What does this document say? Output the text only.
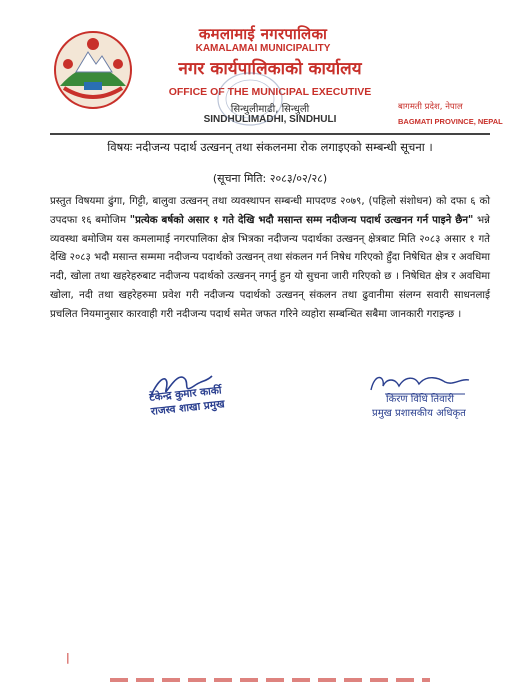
कमलामाई नगरपालिका
KAMALAMAI MUNICIPALITY
नगर कार्यपालिकाको कार्यालय
OFFICE OF THE MUNICIPAL EXECUTIVE
सिन्धुलीमाढी, सिन्धुली
SINDHULIMADHI, SINDHULI
बागमती प्रदेश, नेपाल
BAGMATI PROVINCE, NEPAL
विषयः नदीजन्य पदार्थ उत्खनन् तथा संकलनमा रोक लगाइएको सम्बन्धी सूचना ।
(सूचना मिति: २०८३/०२/२८)
प्रस्तुत विषयमा ढुंगा, गिट्टी, बालुवा उत्खनन् तथा व्यवस्थापन सम्बन्धी मापदण्ड २०७९, (पहिलो संशोधन) को दफा ६ को उपदफा १६ बमोजिम "प्रत्येक बर्षको असार १ गते देखि भदौ मसान्त सम्म नदीजन्य पदार्थ उत्खनन गर्न पाइने छैन" भन्ने व्यवस्था बमोजिम यस कमलामाई नगरपालिका क्षेत्र भित्रका नदीजन्य पदार्थका उत्खनन् क्षेत्रबाट मिति २०८३ असार १ गते देखि २०८३ भदौ मसान्त सम्ममा नदीजन्य पदार्थको उत्खनन् तथा संकलन गर्न निषेध गरिएको हुँदा निषेधित क्षेत्र र अवधिमा नदी, खोला तथा खहरेहरुबाट नदीजन्य पदार्थको उत्खनन् नगर्नु हुन यो सुचना जारी गरिएको छ । निषेधित क्षेत्र र अवधिमा खोला, नदी तथा खहरेहरुमा प्रवेश गरी नदीजन्य पदार्थको उत्खनन् संकलन तथा ढुवानीमा संलग्न सवारी साधनलाई प्रचलित नियमानुसार कारवाही गरी नदीजन्य पदार्थ समेत जफत गरिने व्यहोरा सम्बन्धित सबैमा जानकारी गराइन्छ ।
टेकेन्द्र कुमार कार्की
राजस्व शाखा प्रमुख	किरण विधि तिवारी
प्रमुख प्रशासकीय अधिकृत
|
